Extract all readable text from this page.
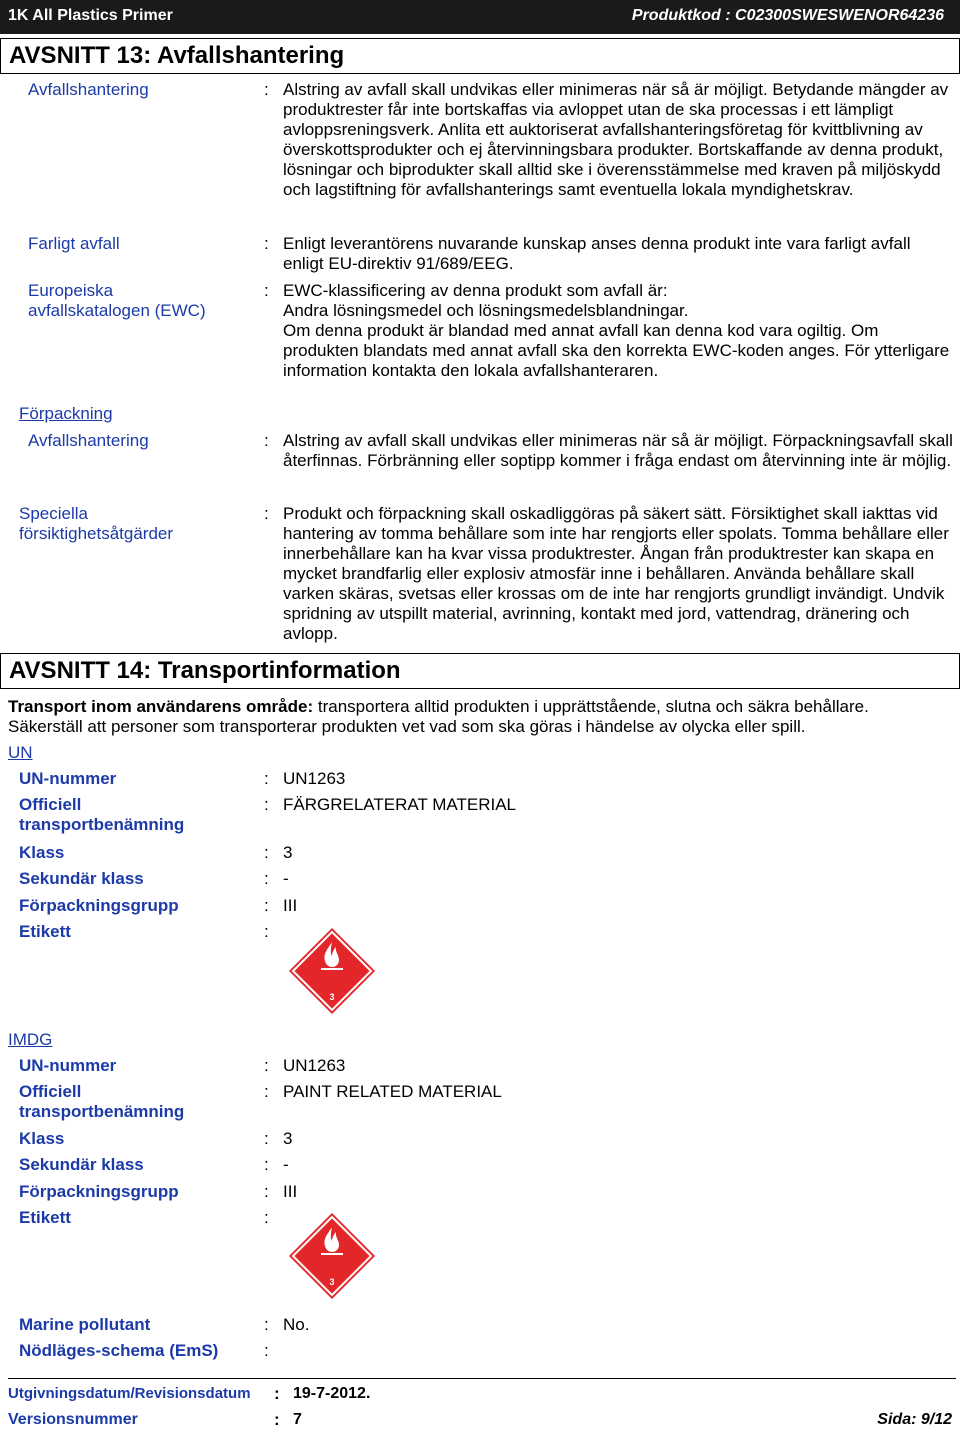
1K All Plastics Primer	Produktkod : C02300SWESWENOR64236
AVSNITT 13: Avfallshantering
Avfallshantering	: Alstring av avfall skall undvikas eller minimeras när så är möjligt. Betydande mängder av produktrester får inte bortskaffas via avloppet utan de ska processas i ett lämpligt avloppsreningsverk. Anlita ett auktoriserat avfallshanteringsföretag för kvittblivning av överskottsprodukter och ej återvinningsbara produkter. Bortskaffande av denna produkt, lösningar och biprodukter skall alltid ske i överensstämmelse med kraven på miljöskydd och lagstiftning för avfallshanterings samt eventuella lokala myndighetskrav.
Farligt avfall	: Enligt leverantörens nuvarande kunskap anses denna produkt inte vara farligt avfall enligt EU-direktiv 91/689/EEG.
Europeiska
avfallskatalogen (EWC)
: EWC-klassificering av denna produkt som avfall är:

Andra lösningsmedel och lösningsmedelsblandningar.

Om denna produkt är blandad med annat avfall kan denna kod vara ogiltig. Om produkten blandats med annat avfall ska den korrekta EWC-koden anges. För ytterligare information kontakta den lokala avfallshanteraren.

Förpackning
Avfallshantering	: Alstring av avfall skall undvikas eller minimeras när så är möjligt. Förpackningsavfall skall återfinnas. Förbränning eller soptipp kommer i fråga endast om återvinning inte är möjlig.
Speciella
försiktighetsåtgärder
: Produkt och förpackning skall oskadliggöras på säkert sätt. Försiktighet skall iakttas vid hantering av tomma behållare som inte har rengjorts eller spolats. Tomma behållare eller innerbehållare kan ha kvar vissa produktrester. Ångan från produktrester kan skapa en mycket brandfarlig eller explosiv atmosfär inne i behållaren. Använda behållare skall varken skäras, svetsas eller krossas om de inte har rengjorts grundligt invändigt. Undvik spridning av utspillt material, avrinning, kontakt med jord, vattendrag, dränering och avlopp.
AVSNITT 14: Transportinformation
Transport inom användarens område: transportera alltid produkten i upprättstående, slutna och säkra behållare.
Säkerställ att personer som transporterar produkten vet vad som ska göras i händelse av olycka eller spill.
UN
UN-nummer	: UN1263
Officiell
transportbenämning
: FÄRGRELATERAT MATERIAL
Klass	: 3
Sekundär klass	: -
Förpackningsgrupp	: III
Etikett	:
3
IMDG
UN-nummer	: UN1263
Officiell
transportbenämning
: PAINT RELATED MATERIAL
Klass	: 3
Sekundär klass	: -
Förpackningsgrupp	: III
Etikett	:
3
Marine pollutant	: No.
Nödläges-schema (EmS)	:
Utgivningsdatum/Revisionsdatum : 19-7-2012.
Versionsnummer	: 7	Sida: 9/12
